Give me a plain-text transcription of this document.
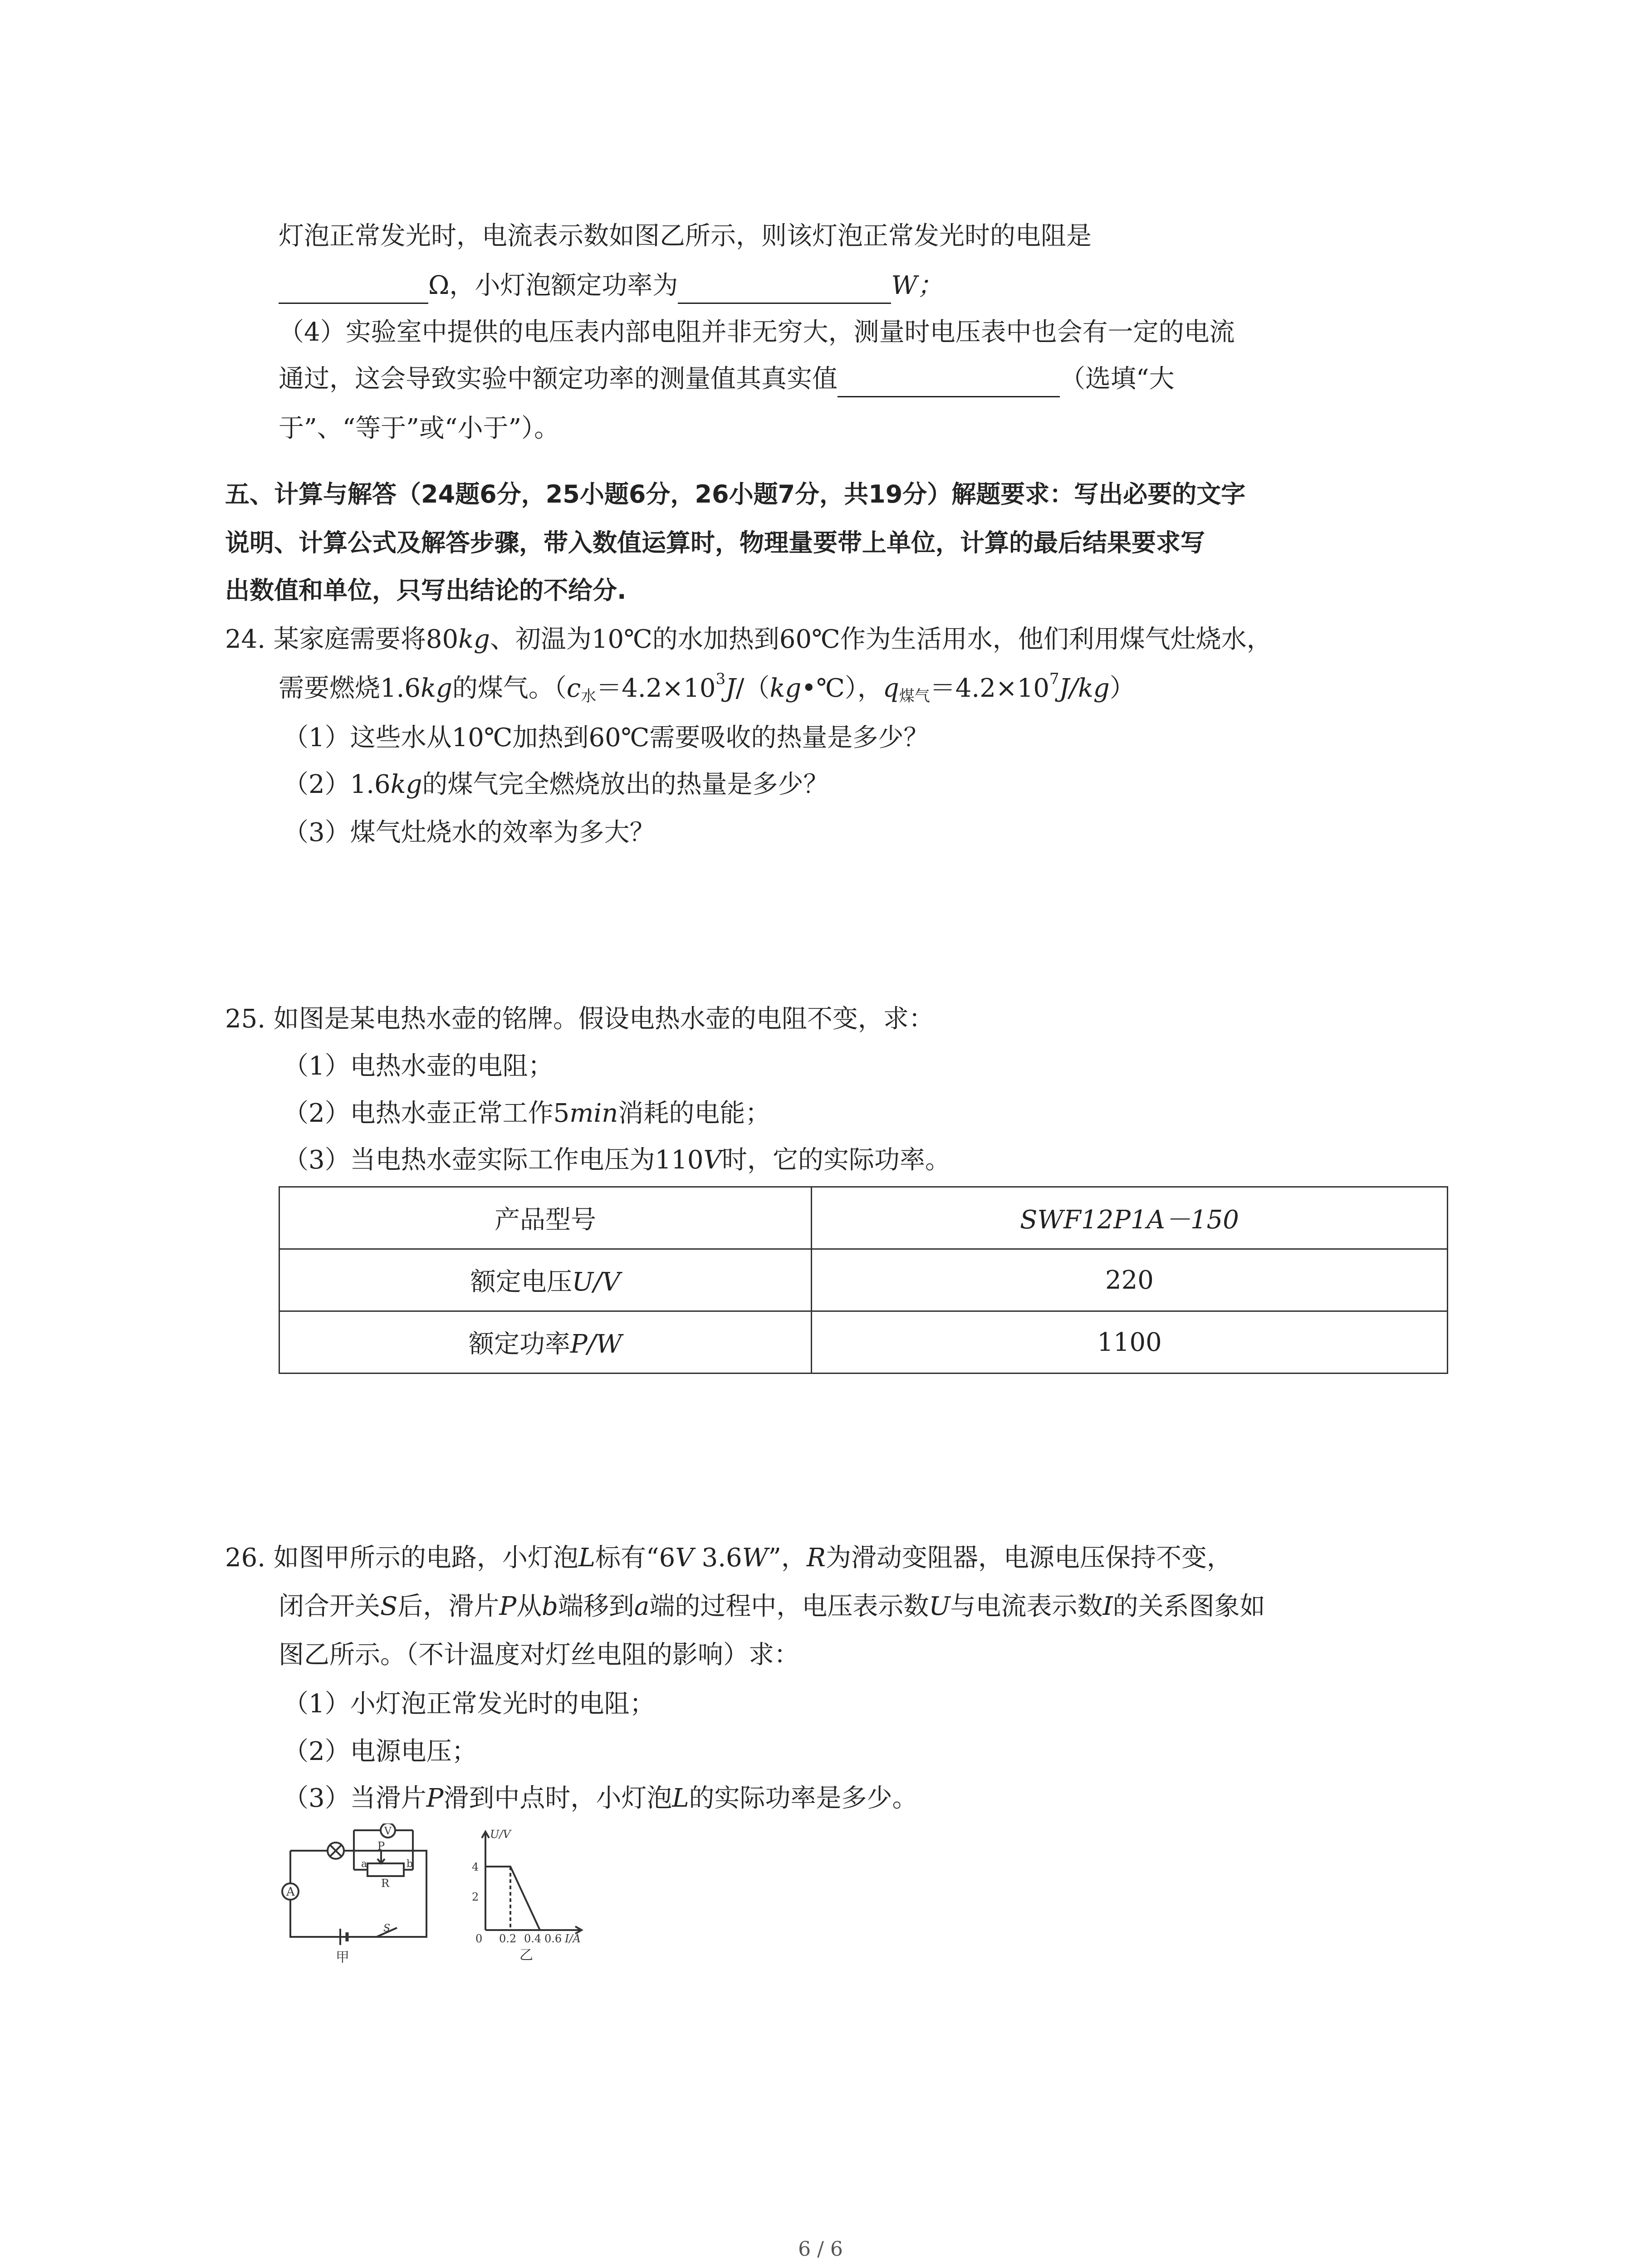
灯泡正常发光时，电流表示数如图乙所示，则该灯泡正常发光时的电阻是
Ω，小灯泡额定功率为	W；
（4）实验室中提供的电压表内部电阻并非无穷大，测量时电压表中也会有一定的电流
通过，这会导致实验中额定功率的测量值其真实值	（选填“大
于”、“等于”或“小于”）。
五、计算与解答（24题6分，25小题6分，26小题7分，共19分）解题要求：写出必要的文字
说明、计算公式及解答步骤，带入数值运算时，物理量要带上单位，计算的最后结果要求写
出数值和单位，只写出结论的不给分.
24. 某家庭需要将80kg、初温为10℃的水加热到60℃作为生活用水，他们利用煤气灶烧水，
需要燃烧1.6kg的煤气。（$c_水=4.2\times 10^3J/(kg•℃)$，$q_{煤气}=4.2\times 10^7J/kg$）
（1）这些水从10℃加热到60℃需要吸收的热量是多少？
（2）1.6kg的煤气完全燃烧放出的热量是多少？
（3）煤气灶烧水的效率为多大？
25. 如图是某电热水壶的铭牌。假设电热水壶的电阻不变，求：
（1）电热水壶的电阻；
（2）电热水壶正常工作5min消耗的电能；
（3）当电热水壶实际工作电压为110V时，它的实际功率。
产品型号	SWF12P1A－150
额定电压U/V	220
额定功率P/W	1100
26. 如图甲所示的电路，小灯泡L标有“6V 3.6W”，R为滑动变阻器，电源电压保持不变，
闭合开关S后，滑片P从b端移到a端的过程中，电压表示数U与电流表示数I的关系图象如
图乙所示。（不计温度对灯丝电阻的影响）求：
（1）小灯泡正常发光时的电阻；
（2）电源电压；
（3）当滑片P滑到中点时，小灯泡L的实际功率是多少。
A
V
P
a
R
b
S
甲
U/V
4
2
0 0.2 0.4 0.6 I/A
乙
6 / 6
